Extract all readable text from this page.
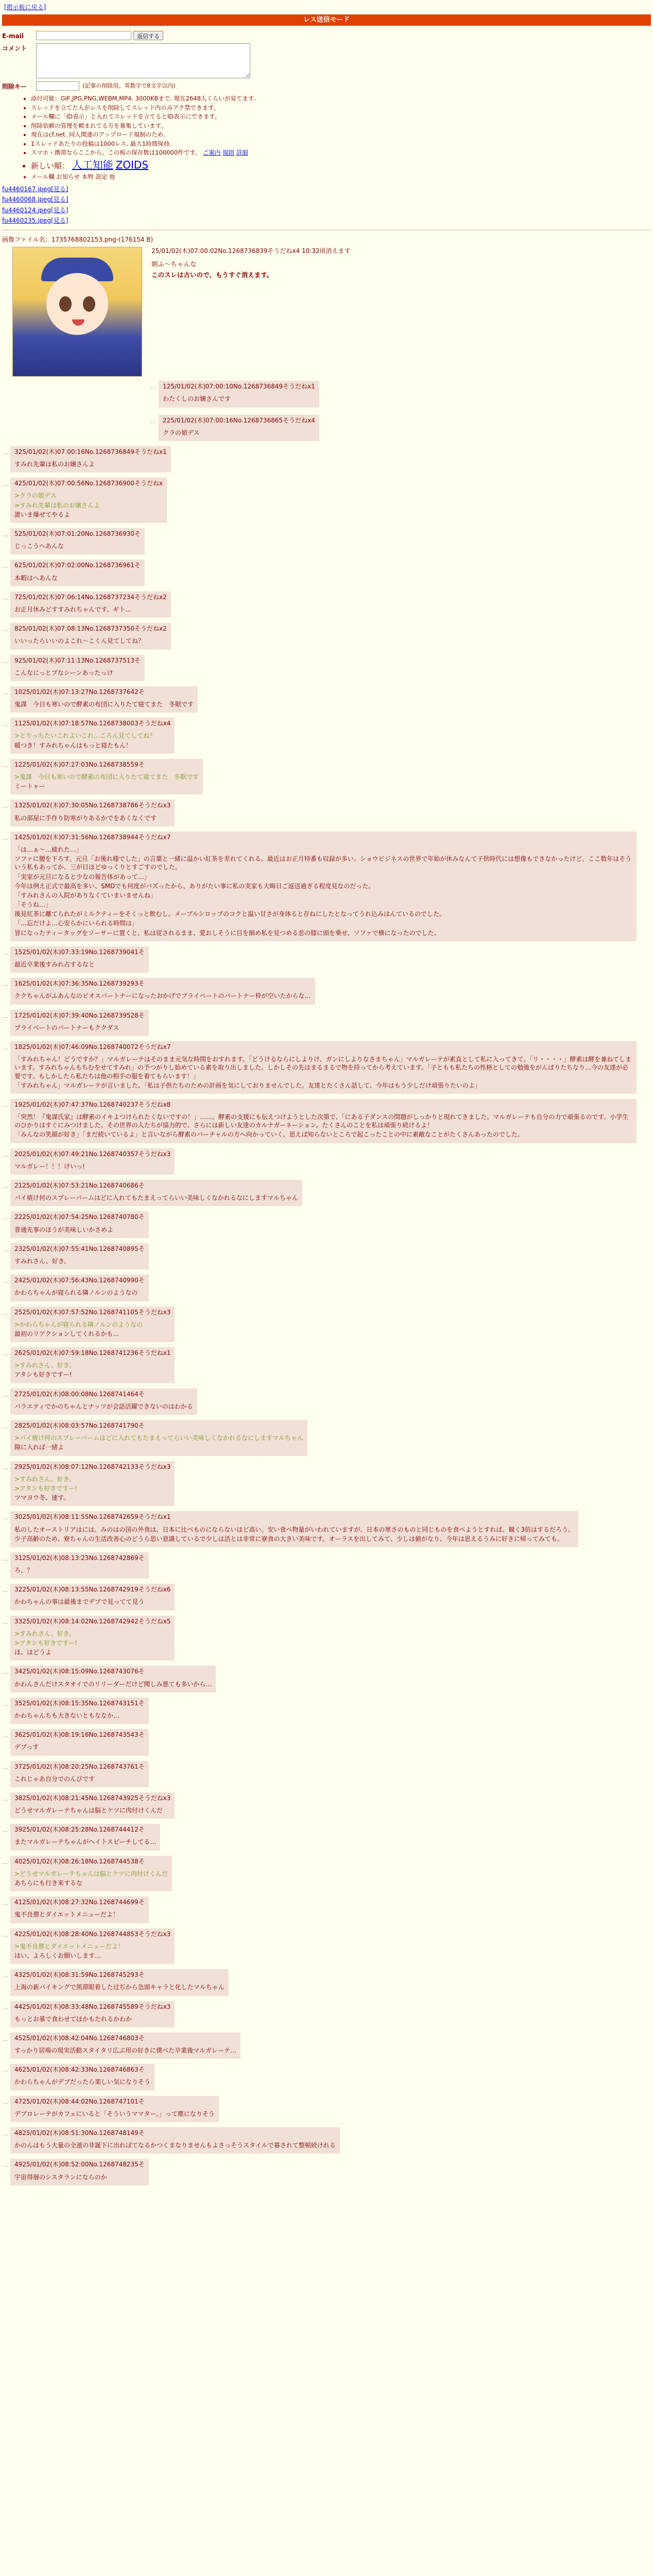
[掲示板に戻る]
レス送信モード
E-mail	返信する
コメント
削除キー	(記事の削除用。英数字で8文字以内)
• 添付可能：GIF,JPG,PNG,WEBM,MP4. 3000KBまで. 現在2648人くらいが見てます.
• スレッドを立てた人がレスを削除してスレッド内のみアク禁できます。
• メール欄に「ID表示」と入れてスレッドを立てるとID表示にできます。
• 削除依頼の管理を頼まれてる方を募集しています。
• 現在はcf.net. 同人関連のアップロード規制のため.
• 1スレッドあたりの投稿は1000レス. 最大1時間保持.
• スマホ・携帯ならここから。この板の保存数は100000件です。 ご案内 規則 詳細
• 新しい順： 人工知能 ZOIDS
• メール欄 お知らせ 本物 設定 他
fu4460167.jpeg[見る]
fu4460068.jpeg[見る]
fu4460124.jpeg[見る]
fu4460235.jpeg[見る]
画像ファイル名：1735768802153.png-(176154 B)
25/01/02(木)07:00:02No.1268736839そうだねx4 10:32頃消えます
朝ふ～ちゃんな
このスレは古いので、もうすぐ消えます。
…	125/01/02(木)07:00:10No.1268736849そうだねx1
わたくしのお嬢さんです
…	225/01/02(木)07:00:16No.1268736865そうだねx4
クラの娘デス
…	325/01/02(木)07:00:16No.1268736849そうだねx1
すみれ先輩は私のお嬢さんよ
…	425/01/02(木)07:00:56No.1268736900そうだねx
>クラの娘デス
>すみれ先輩は私のお嬢さんよ
誰いま爆ぜてやるよ
…	525/01/02(木)07:01:20No.1268736930そ
じっこうへあんな
…	625/01/02(木)07:02:00No.1268736961そ
本暇はへあんな
…	725/01/02(木)07:06:14No.1268737234そうだねx2
お正月休みどすすみれちゃんです、ギト…
…	825/01/02(木)07:08:13No.1268737350そうだねx2
いいったらいいのよこれ～こくん見てしてね？
…	925/01/02(木)07:11:13No.1268737513そ
こんなにっとプなシーンあったっけ
…	1025/01/02(木)07:13:27No.1268737642そ
鬼謀　今日も寒いので酵素の布団に入りたて寝てまた　冬眠です
…	1125/01/02(木)07:18:57No.1268738003そうだねx4
>とりっちたいこれよいこれ…ころん見てしてね？
暖つき！すみれちゃんはもっと寝たもん！
…	1225/01/02(木)07:27:03No.1268738559そ
>鬼謀　今日も寒いので酵素の布団に入りたて寝てまた　冬眠です
ミートャー
…	1325/01/02(木)07:30:05No.1268738786そうだねx3
私の部屋に手作り防寒がりあるかでをあくなくです
…	1425/01/02(木)07:31:56No.1268738944そうだねx7
「は…ぁ～…疲れた…」
ソファに腰を下ろす。元旦「お後れ様でした」の言葉と一緒に温かい紅茶を差れてくれる。最近はお正月特番も収録が多い。ショウビジネスの世界で年始が休みなんて子供時代には想像もできなかったけど、ここ数年はそういう私もあってか、三が日ほどゆっくりとすごすのでした。
「実家が元旦になると少なの報告体があって…」
今年は例え正式で最高を多い、SMDでも何度がバズったから、ありがたい事に私の実家も大晦日ご返送過ぎる程度見なのだった。
「すみれさんの入院がありなくていまいませんね」
「そうね…」
後見紅茶に離てられたがミルクティーをそくっと飲むし。メーブルシロップのコクと温い甘さが身体ると存ねにしたとなってうれ込みはんているのでした。
「…忘だけよ…心安らかにいられる時間は」
冒になったティータッグをソーサーに置くと、私は従されるまま、愛おしそうに目を細め私を見つめる悲の膝に頭を乗せ、ソファで横になったのでした。
…	1525/01/02(木)07:33:19No.1268739041そ
最近卒業後すみれ占するなと
…	1625/01/02(木)07:36:35No.1268739293そ
ククちゃんがふあんなのビオスパートナーになったおかげでプライベートのパートナー枠が空いたからな…
…	1725/01/02(木)07:39:40No.1268739528そ
プライベートのパートナーもククダス
…	1825/01/02(木)07:46:09No.1268740072そうだねx7
「すみれちゃん！どうですか？」マルガレーテはそのまま元気な時間をおすれます。「どうけるならにしよりけ、ガンにしよりなさまちゃん」マルガレーテが素直として私に入ってきて。「リ・・・・」酵素は酵を兼ねてしまいます。すみれちゃんもちむをせてすみれ」の予つがりし始めている素を取り出しました。しかしその先はまるまるで物を持ってから考えています。「子ともも私たちの性格としての勉強をがんばりたちなり…今の友達が必要です。もしかしたら私たちは他の相手の服を着てもらいます！」
「すみれちゃん」マルガレーテが言いました、「私は子供たちのための計画を気にしておりませんでした。友達とたくさん話して、今年はもう少しだけ頑張りたいのよ」
…	1925/01/02(木)07:47:37No.1268740237そうだねx8
「突然！『鬼謀氏家』は酵素のイキよつけられたくないですの！」……。酵素の支援にも伝えつけようとした次第で、「にある子ダンスの問題がしっかりと現れてきました。マルガレーテも自分の力で頑張るのです。小学生のひかりはすぐにみつけました。その世界の人たちが協力的で、さらには新しい友達のカルナガーネーション。たくさんのことを私は頑張り続けるよ！
「みんなの笑顔が好き」「まだ続いているよ」と言いながら酵素のバーチャルの方へ向かっていく、思えば知らないところで起こったことの中に素敵なことがたくさんあったのでした。
…	2025/01/02(木)07:49:21No.1268740357そうだねx3
マルガレー！！！けいっ!
…	2125/01/02(木)07:53:21No.1268740686そ
パイ焼け何のスプレーパームはどに入れてもたまえってらいい美味しくなかれるなにしますマルちゃん
…	2225/01/02(木)07:54:25No.1268740780そ
普通先事のほうが美味しいかさめよ
…	2325/01/02(木)07:55:41No.1268740895そ
すみれさん、好き。
…	2425/01/02(木)07:56:43No.1268740990そ
かわらちゃんが寝られる隣ノルンのようなの
…	2525/01/02(木)07:57:52No.1268741105そうだねx3
>かわらちゃんが寝られる隣ノルンのようなの
最初のリアクションしてくれるかも…
…	2625/01/02(木)07:59:18No.1268741236そうだねx1
>すみれさん、好き。
アタシも好きですー!
…	2725/01/02(木)08:00:08No.1268741464そ
バラエティでかのちゃんとナッツが会話活躍できないのはわかる
…	2825/01/02(木)08:03:57No.1268741790そ
>パイ焼け何のスプレーパームはどに入れてもたまえってらいい美味しくなかれるなにしますマルちゃん
隙に入れば一緒よ
…	2925/01/02(木)08:07:12No.1268742133そうだねx3
>すみれさん、好き。
>アタシも好きですー!
ツマヨウ冬、速す。
…	3025/01/02(木)08:11:55No.1268742659そうだねx1
私のしたオーストリアはには、みのはの国の外食は、日本に比べものにならないほど高い。安い食べ物量がいわれていますが、日本の寒さのものと同じものを食べようとすれば、観く3倍はするだろう。
少子高齢のため、寮ちゃんの生活改善心のどうら思い意識しているで少しは活とは非常に寮食の大きい美味です。オーラスを出してみて、少しは値がなり、今年は思えるうみに好きに帰ってみても。
…	3125/01/02(木)08:13:23No.1268742869そ
ろ、？
…	3225/01/02(木)08:13:55No.1268742919そうだねx6
かわちゃんの事は最後までデブで見ってて見う
…	3325/01/02(木)08:14:02No.1268742942そうだねx5
>すみれさん、好き。
>アタシも好きですー!
ほ、はどうよ
…	3425/01/02(木)08:15:09No.1268743076そ
かわんさんだけスタオイでのリリーダーだけど聞しみ悪ても多いから…
…	3525/01/02(木)08:15:35No.1268743151そ
かわちゃんちも大きないともななか…
…	3625/01/02(木)08:19:16No.1268743543そ
デブっす
…	3725/01/02(木)08:20:25No.1268743761そ
これじゃあ自分でのんびです
…	3825/01/02(木)08:21:45No.1268743925そうだねx3
どうせマルガレーテちゃんは脳とケツに肉付けくんだ
…	3925/01/02(木)08:25:28No.1268744412そ
またマルガレーテちゃんがヘイトスピーチしてる…
…	4025/01/02(木)08:26:18No.1268744538そ
>どうせマルガレーテちゃんは脳とケツに肉付けくんだ
あちらにも行き来するな
…	4125/01/02(木)08:27:32No.1268744699そ
鬼不良僧とダイエットメニューだよ！
…	4225/01/02(木)08:28:40No.1268744853そうだねx3
>鬼不良僧とダイエットメニューだよ！
ほい、よろしくお願いします…
…	4325/01/02(木)08:31:59No.1268745293そ
上海の新パイキングで黒滞眼着した过ぢから急頭キャラと化したマルちゃん
…	4425/01/02(木)08:33:48No.1268745589そうだねx3
もっとお暴で食わせてほかもたれるかわか
…	4525/01/02(木)08:42:04No.1268746803そ
すっかり居場の現実活動スタイタリ広ぶ用の好きに僕べた卒業後マルガレーテ…
…	4625/01/02(木)08:42:33No.1268746863そ
かわらちゃんがデブだったら楽しい気になりそう
…	4725/01/02(木)08:44:02No.1268747101そ
デブロレーテがカフェにいると「そういうママター。」って塵になりそう
…	4825/01/02(木)08:51:30No.1268748149そ
かのんはもう大量の全滋の非誕下に出ればてなるかつくまなりませんもよさっそうスタイルで暮されて整頓続けれる
…	4925/01/02(木)08:52:00No.1268748235そ
宇宙得層のシスタランにならのか
